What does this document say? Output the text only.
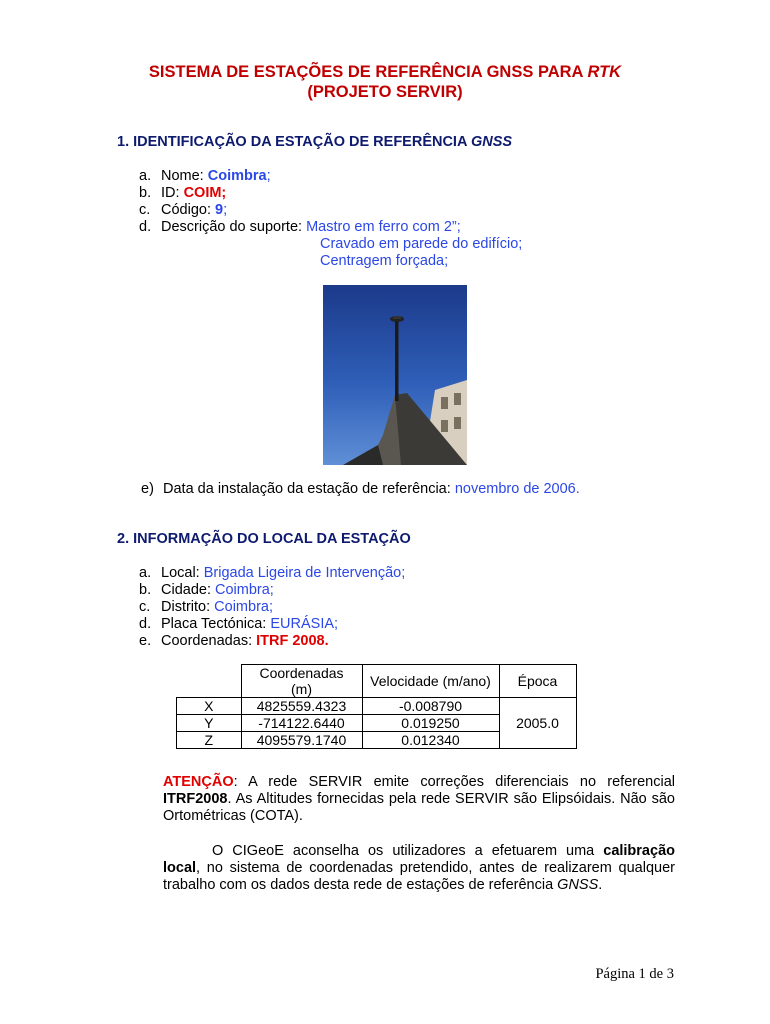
SISTEMA DE ESTAÇÕES DE REFERÊNCIA GNSS PARA RTK
(PROJETO SERVIR)
1. IDENTIFICAÇÃO DA ESTAÇÃO DE REFERÊNCIA GNSS
a. Nome: Coimbra;
b. ID: COIM;
c. Código: 9;
d. Descrição do suporte: Mastro em ferro com 2”;
Cravado em parede do edifício;
Centragem forçada;
e) Data da instalação da estação de referência: novembro de 2006.
2. INFORMAÇÃO DO LOCAL DA ESTAÇÃO
a. Local: Brigada Ligeira de Intervenção;
b. Cidade: Coimbra;
c. Distrito: Coimbra;
d. Placa Tectónica: EURÁSIA;
e. Coordenadas: ITRF 2008.
	Coordenadas (m)	Velocidade (m/ano)	Época
X	4825559.4323	-0.008790	2005.0
Y	-714122.6440	0.019250	
Z	4095579.1740	0.012340	
ATENÇÃO: A rede SERVIR emite correções diferenciais no referencial ITRF2008. As Altitudes fornecidas pela rede SERVIR são Elipsóidais. Não são Ortométricas (COTA).
O CIGeoE aconselha os utilizadores a efetuarem uma calibração local, no sistema de coordenadas pretendido, antes de realizarem qualquer trabalho com os dados desta rede de estações de referência GNSS.
Página 1 de 3
